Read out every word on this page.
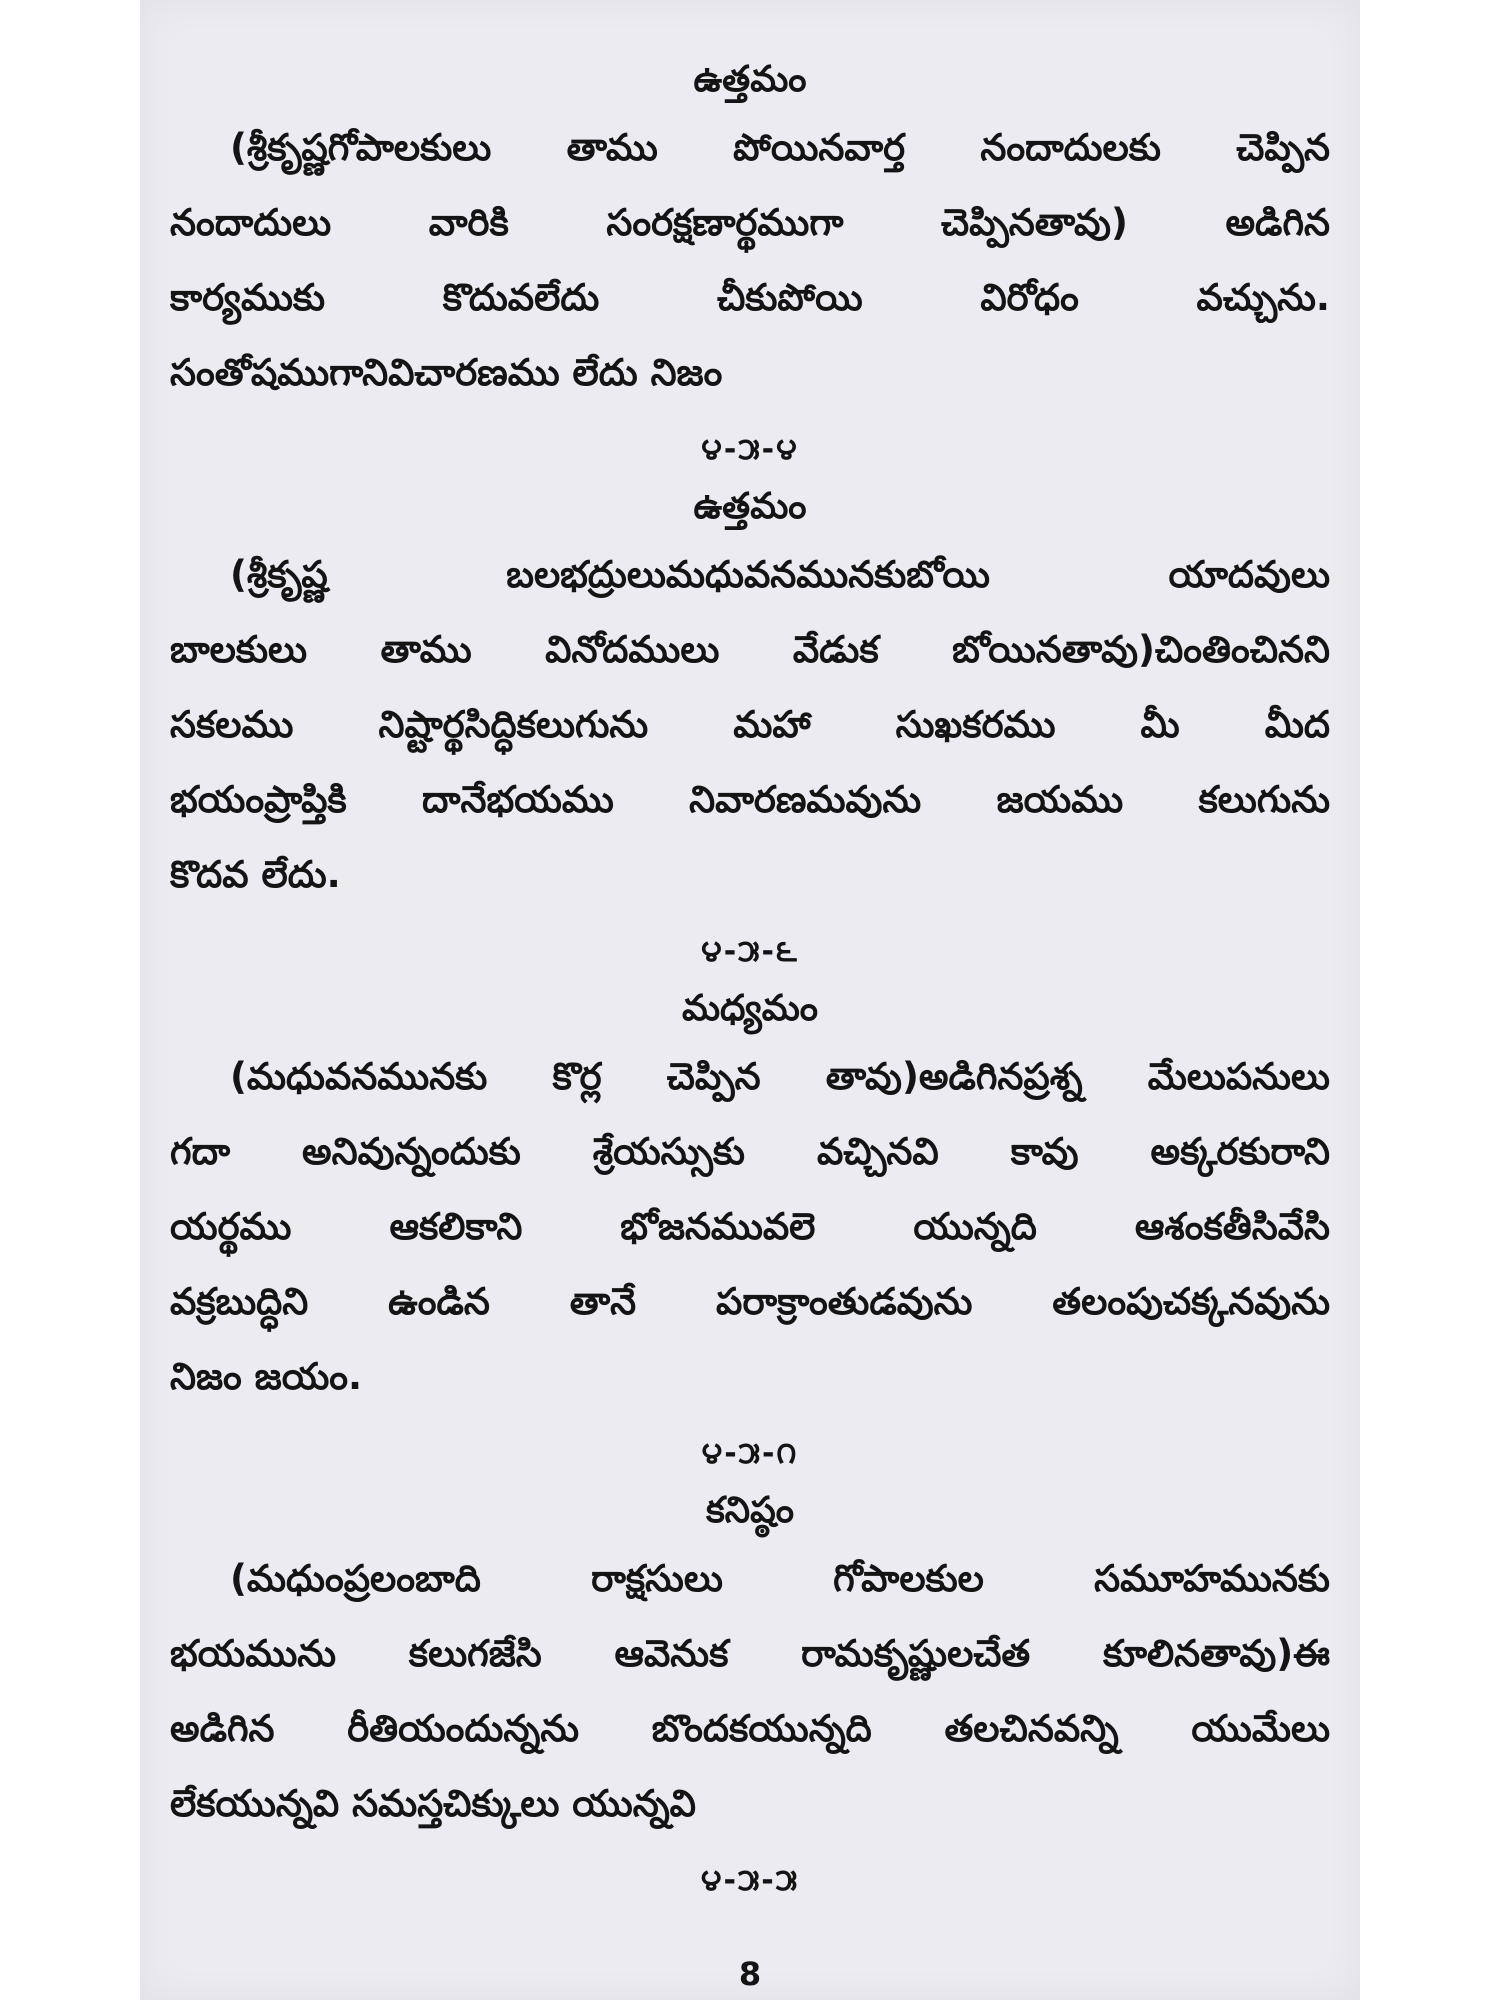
ఉత్తమం
(శ్రీకృష్ణగోపాలకులు తాము పోయినవార్త నందాదులకు చెప్పిన
నందాదులు వారికి సంరక్షణార్థముగా చెప్పినతావు) అడిగిన
కార్యముకు కొదువలేదు చీకుపోయి విరోధం వచ్చును.
సంతోషముగానివిచారణము లేదు నిజం
౪-౫-౪
ఉత్తమం
(శ్రీకృష్ణ బలభద్రులుమధువనమునకుబోయి యాదవులు
బాలకులు తాము వినోదములు వేడుక బోయినతావు)చింతించినని
సకలము నిష్టార్థసిద్ధికలుగును మహా సుఖకరము మీ మీద
భయంప్రాప్తికి దానేభయము నివారణమవును జయము కలుగును
కొదవ లేదు.
౪-౫-౬
మధ్యమం
(మధువనమునకు కొర్ల చెప్పిన తావు)అడిగినప్రశ్న మేలుపనులు
గదా అనివున్నందుకు శ్రేయస్సుకు వచ్చినవి కావు అక్కరకురాని
యర్థము ఆకలికాని భోజనమువలె యున్నది ఆశంకతీసివేసి
వక్రబుద్ధిని ఉండిన తానే పరాక్రాంతుడవును తలంపుచక్కనవును
నిజం జయం.
౪-౫-౧
కనిష్ఠం
(మధుంప్రలంబాది రాక్షసులు గోపాలకుల సమూహమునకు
భయమును కలుగజేసి ఆవెనుక రామకృష్ణులచేత కూలినతావు)ఈ
అడిగిన రీతియందున్నను బొందకయున్నది తలచినవన్ని యుమేలు
లేకయున్నవి సమస్తచిక్కులు యున్నవి
౪-౫-౫
8
